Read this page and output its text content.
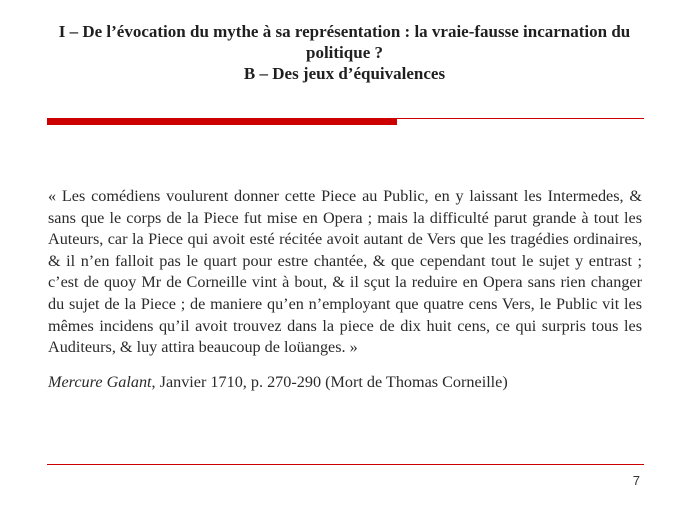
I – De l’évocation du mythe à sa représentation : la vraie-fausse incarnation du
politique ?
B – Des jeux d’équivalences

« Les comédiens voulurent donner cette Piece au Public, en y laissant les Intermedes, & sans que le corps de la Piece fut mise en Opera ; mais la difficulté parut grande à tout les Auteurs, car la Piece qui avoit esté récitée avoit autant de Vers que les tragédies ordinaires, & il n’en falloit pas le quart pour estre chantée, & que cependant tout le sujet y entrast ; c’est de quoy Mr de Corneille vint à bout, & il sçut la reduire en Opera sans rien changer du sujet de la Piece ; de maniere qu’en n’employant que quatre cens Vers, le Public vit les mêmes incidens qu’il avoit trouvez dans la piece de dix huit cens, ce qui surpris tous les Auditeurs, & luy attira beaucoup de loüanges. »

Mercure Galant, Janvier 1710, p. 270-290 (Mort de Thomas Corneille)

7
